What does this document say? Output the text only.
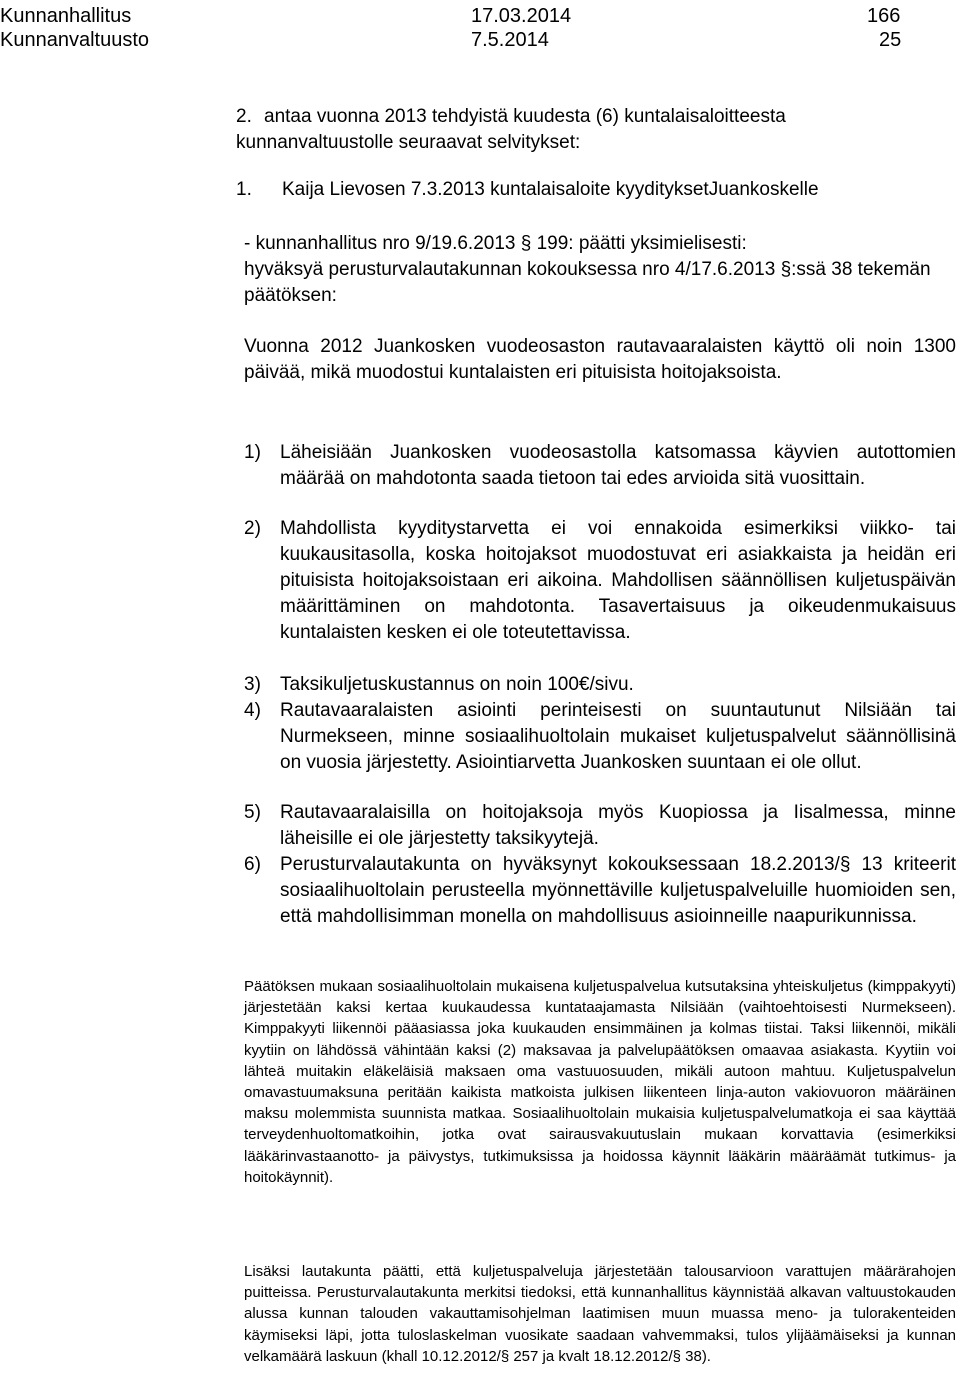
Kunnanhallitus	17.03.2014	166
Kunnanvaltuusto	7.5.2014	25
2. antaa vuonna 2013 tehdyistä kuudesta (6) kuntalaisaloitteesta kunnanvaltuustolle seuraavat selvitykset:
1. Kaija Lievosen 7.3.2013 kuntalaisaloite kyydityksetJuankoskelle
- kunnanhallitus nro 9/19.6.2013 § 199: päätti yksimielisesti:
hyväksyä perusturvalautakunnan kokouksessa nro 4/17.6.2013 §:ssä 38 tekemän päätöksen:
Vuonna 2012 Juankosken vuodeosaston rautavaaralaisten käyttö oli noin 1300 päivää, mikä muodostui kuntalaisten eri pituisista hoitojaksoista.
1) Läheisiään Juankosken vuodeosastolla katsomassa käyvien autottomien määrää on mahdotonta saada tietoon tai edes arvioida sitä vuosittain.
2) Mahdollista kyyditystarvetta ei voi ennakoida esimerkiksi viikko- tai kuukausitasolla, koska hoitojaksot muodostuvat eri asiakkaista ja heidän eri pituisista hoitojaksoistaan eri aikoina. Mahdollisen säännöllisen kuljetuspäivän määrittäminen on mahdotonta. Tasavertaisuus ja oikeudenmukaisuus kuntalaisten kesken ei ole toteutettavissa.
3) Taksikuljetuskustannus on noin 100€/sivu.
4) Rautavaaralaisten asiointi perinteisesti on suuntautunut Nilsiään tai Nurmekseen, minne sosiaalihuoltolain mukaiset kuljetuspalvelut säännöllisinä on vuosia järjestetty. Asiointiarvetta Juankosken suuntaan ei ole ollut.
5) Rautavaaralaisilla on hoitojaksoja myös Kuopiossa ja Iisalmessa, minne läheisille ei ole järjestetty taksikyytejä.
6) Perusturvalautakunta on hyväksynyt kokouksessaan 18.2.2013/§ 13 kriteerit sosiaalihuoltolain perusteella myönnettäville kuljetuspalveluille huomioiden sen, että mahdollisimman monella on mahdollisuus asioinneille naapurikunnissa.
Päätöksen mukaan sosiaalihuoltolain mukaisena kuljetuspalvelua kutsutaksina yhteiskuljetus (kimppakyyti) järjestetään kaksi kertaa kuukaudessa kuntataajamasta Nilsiään (vaihtoehtoisesti Nurmekseen). Kimppakyyti liikennöi pääasiassa joka kuukauden ensimmäinen ja kolmas tiistai. Taksi liikennöi, mikäli kyytiin on lähdössä vähintään kaksi (2) maksavaa ja palvelupäätöksen omaavaa asiakasta. Kyytiin voi lähteä muitakin eläkeläisiä maksaen oma vastuuosuuden, mikäli autoon mahtuu. Kuljetuspalvelun omavastuumaksuna peritään kaikista matkoista julkisen liikenteen linja-auton vakiovuoron määräinen maksu molemmista suunnista matkaa. Sosiaalihuoltolain mukaisia kuljetuspalvelumatkoja ei saa käyttää terveydenhuoltomatkoihin, jotka ovat sairausvakuutuslain mukaan korvattavia (esimerkiksi lääkärinvastaanotto- ja päivystys, tutkimuksissa ja hoidossa käynnit lääkärin määräämät tutkimus- ja hoitokäynnit).
Lisäksi lautakunta päätti, että kuljetuspalveluja järjestetään talousarvioon varattujen määrärahojen puitteissa. Perusturvalautakunta merkitsi tiedoksi, että kunnanhallitus käynnistää alkavan valtuustokauden alussa kunnan talouden vakauttamisohjelman laatimisen muun muassa meno- ja tulorakenteiden käymiseksi läpi, jotta tuloslaskelman vuosikate saadaan vahvemmaksi, tulos ylijäämäiseksi ja kunnan velkamäärä laskuun (khall 10.12.2012/§ 257 ja kvalt 18.12.2012/§ 38).
